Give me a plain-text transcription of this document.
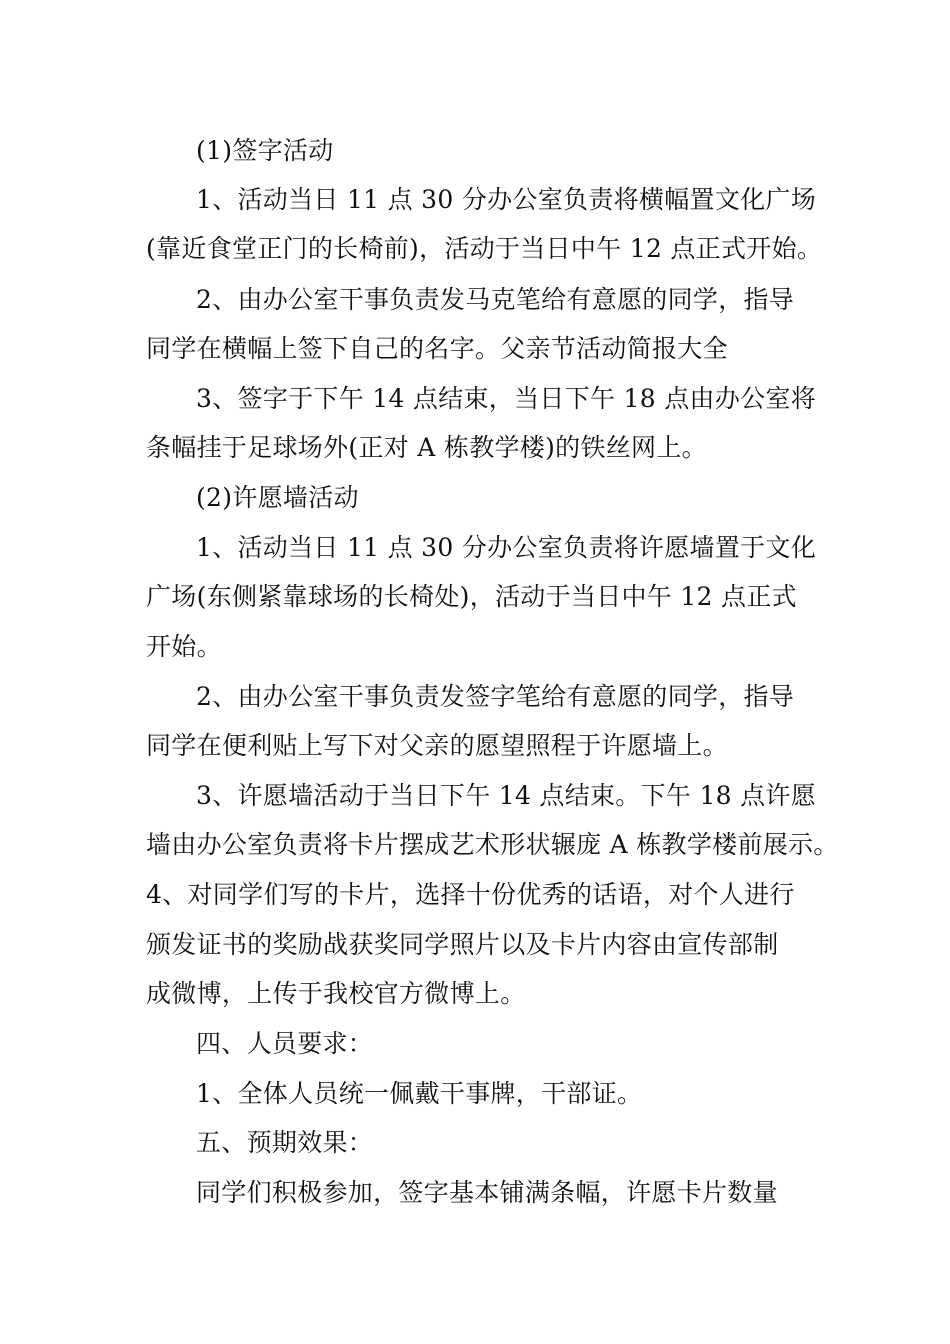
(1)签字活动
1、活动当日 11 点 30 分办公室负责将横幅置文化广场
(靠近食堂正门的长椅前)，活动于当日中午 12 点正式开始。
2、由办公室干事负责发马克笔给有意愿的同学，指导
同学在横幅上签下自己的名字。父亲节活动简报大全
3、签字于下午 14 点结束，当日下午 18 点由办公室将
条幅挂于足球场外(正对 A 栋教学楼)的铁丝网上。
(2)许愿墙活动
1、活动当日 11 点 30 分办公室负责将许愿墙置于文化
广场(东侧紧靠球场的长椅处)，活动于当日中午 12 点正式
开始。
2、由办公室干事负责发签字笔给有意愿的同学，指导
同学在便利贴上写下对父亲的愿望照程于许愿墙上。
3、许愿墙活动于当日下午 14 点结束。下午 18 点许愿
墙由办公室负责将卡片摆成艺术形状辗庞 A 栋教学楼前展示。
4、对同学们写的卡片，选择十份优秀的话语，对个人进行
颁发证书的奖励战获奖同学照片以及卡片内容由宣传部制
成微博，上传于我校官方微博上。
四、人员要求：
1、全体人员统一佩戴干事牌，干部证。
五、预期效果：
同学们积极参加，签字基本铺满条幅，许愿卡片数量
